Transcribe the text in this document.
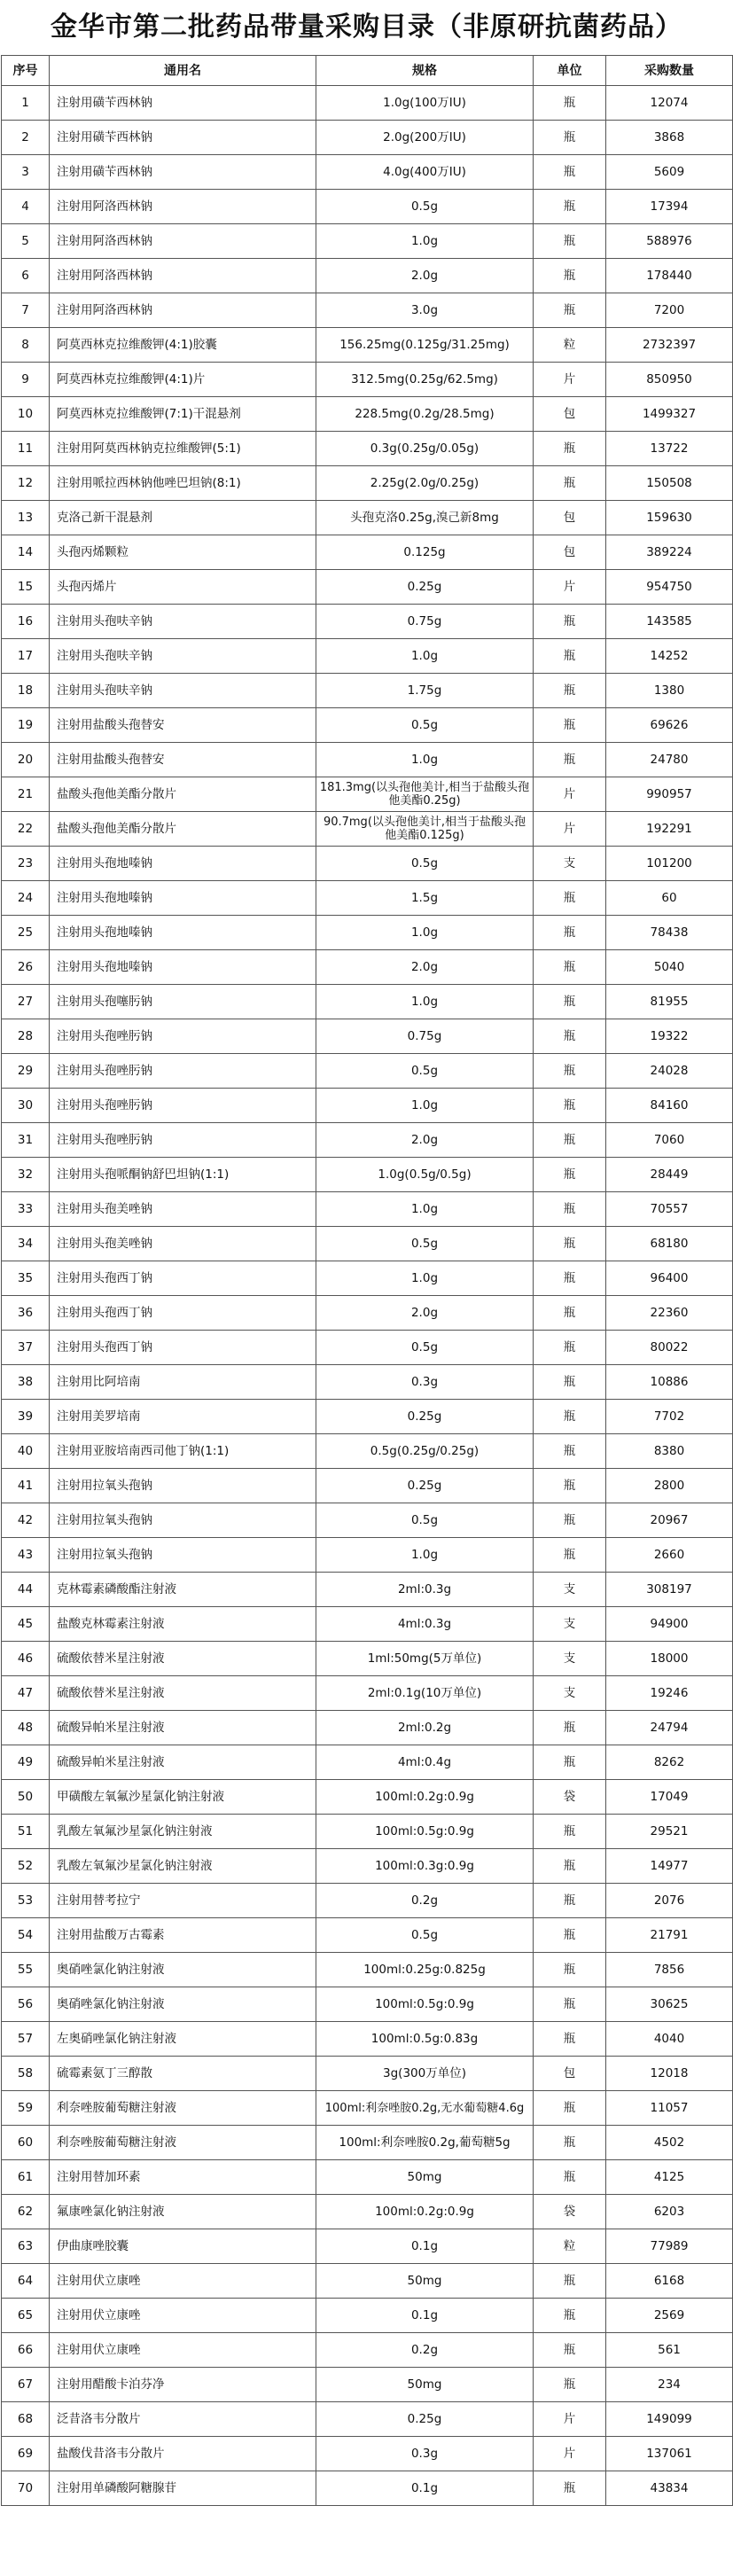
金华市第二批药品带量采购目录（非原研抗菌药品）
序号	通用名	规格	单位	采购数量
1	注射用磺苄西林钠	1.0g(100万IU)	瓶	12074
2	注射用磺苄西林钠	2.0g(200万IU)	瓶	3868
3	注射用磺苄西林钠	4.0g(400万IU)	瓶	5609
4	注射用阿洛西林钠	0.5g	瓶	17394
5	注射用阿洛西林钠	1.0g	瓶	588976
6	注射用阿洛西林钠	2.0g	瓶	178440
7	注射用阿洛西林钠	3.0g	瓶	7200
8	阿莫西林克拉维酸钾(4:1)胶囊	156.25mg(0.125g/31.25mg)	粒	2732397
9	阿莫西林克拉维酸钾(4:1)片	312.5mg(0.25g/62.5mg)	片	850950
10	阿莫西林克拉维酸钾(7:1)干混悬剂	228.5mg(0.2g/28.5mg)	包	1499327
11	注射用阿莫西林钠克拉维酸钾(5:1)	0.3g(0.25g/0.05g)	瓶	13722
12	注射用哌拉西林钠他唑巴坦钠(8:1)	2.25g(2.0g/0.25g)	瓶	150508
13	克洛己新干混悬剂	头孢克洛0.25g,溴己新8mg	包	159630
14	头孢丙烯颗粒	0.125g	包	389224
15	头孢丙烯片	0.25g	片	954750
16	注射用头孢呋辛钠	0.75g	瓶	143585
17	注射用头孢呋辛钠	1.0g	瓶	14252
18	注射用头孢呋辛钠	1.75g	瓶	1380
19	注射用盐酸头孢替安	0.5g	瓶	69626
20	注射用盐酸头孢替安	1.0g	瓶	24780
21	盐酸头孢他美酯分散片	181.3mg(以头孢他美计,相当于盐酸头孢他美酯0.25g)	片	990957
22	盐酸头孢他美酯分散片	90.7mg(以头孢他美计,相当于盐酸头孢他美酯0.125g)	片	192291
23	注射用头孢地嗪钠	0.5g	支	101200
24	注射用头孢地嗪钠	1.5g	瓶	60
25	注射用头孢地嗪钠	1.0g	瓶	78438
26	注射用头孢地嗪钠	2.0g	瓶	5040
27	注射用头孢噻肟钠	1.0g	瓶	81955
28	注射用头孢唑肟钠	0.75g	瓶	19322
29	注射用头孢唑肟钠	0.5g	瓶	24028
30	注射用头孢唑肟钠	1.0g	瓶	84160
31	注射用头孢唑肟钠	2.0g	瓶	7060
32	注射用头孢哌酮钠舒巴坦钠(1:1)	1.0g(0.5g/0.5g)	瓶	28449
33	注射用头孢美唑钠	1.0g	瓶	70557
34	注射用头孢美唑钠	0.5g	瓶	68180
35	注射用头孢西丁钠	1.0g	瓶	96400
36	注射用头孢西丁钠	2.0g	瓶	22360
37	注射用头孢西丁钠	0.5g	瓶	80022
38	注射用比阿培南	0.3g	瓶	10886
39	注射用美罗培南	0.25g	瓶	7702
40	注射用亚胺培南西司他丁钠(1:1)	0.5g(0.25g/0.25g)	瓶	8380
41	注射用拉氧头孢钠	0.25g	瓶	2800
42	注射用拉氧头孢钠	0.5g	瓶	20967
43	注射用拉氧头孢钠	1.0g	瓶	2660
44	克林霉素磷酸酯注射液	2ml:0.3g	支	308197
45	盐酸克林霉素注射液	4ml:0.3g	支	94900
46	硫酸依替米星注射液	1ml:50mg(5万单位)	支	18000
47	硫酸依替米星注射液	2ml:0.1g(10万单位)	支	19246
48	硫酸异帕米星注射液	2ml:0.2g	瓶	24794
49	硫酸异帕米星注射液	4ml:0.4g	瓶	8262
50	甲磺酸左氧氟沙星氯化钠注射液	100ml:0.2g:0.9g	袋	17049
51	乳酸左氧氟沙星氯化钠注射液	100ml:0.5g:0.9g	瓶	29521
52	乳酸左氧氟沙星氯化钠注射液	100ml:0.3g:0.9g	瓶	14977
53	注射用替考拉宁	0.2g	瓶	2076
54	注射用盐酸万古霉素	0.5g	瓶	21791
55	奥硝唑氯化钠注射液	100ml:0.25g:0.825g	瓶	7856
56	奥硝唑氯化钠注射液	100ml:0.5g:0.9g	瓶	30625
57	左奥硝唑氯化钠注射液	100ml:0.5g:0.83g	瓶	4040
58	硫霉素氨丁三醇散	3g(300万单位)	包	12018
59	利奈唑胺葡萄糖注射液	100ml:利奈唑胺0.2g,无水葡萄糖4.6g	瓶	11057
60	利奈唑胺葡萄糖注射液	100ml:利奈唑胺0.2g,葡萄糖5g	瓶	4502
61	注射用替加环素	50mg	瓶	4125
62	氟康唑氯化钠注射液	100ml:0.2g:0.9g	袋	6203
63	伊曲康唑胶囊	0.1g	粒	77989
64	注射用伏立康唑	50mg	瓶	6168
65	注射用伏立康唑	0.1g	瓶	2569
66	注射用伏立康唑	0.2g	瓶	561
67	注射用醋酸卡泊芬净	50mg	瓶	234
68	泛昔洛韦分散片	0.25g	片	149099
69	盐酸伐昔洛韦分散片	0.3g	片	137061
70	注射用单磷酸阿糖腺苷	0.1g	瓶	43834
